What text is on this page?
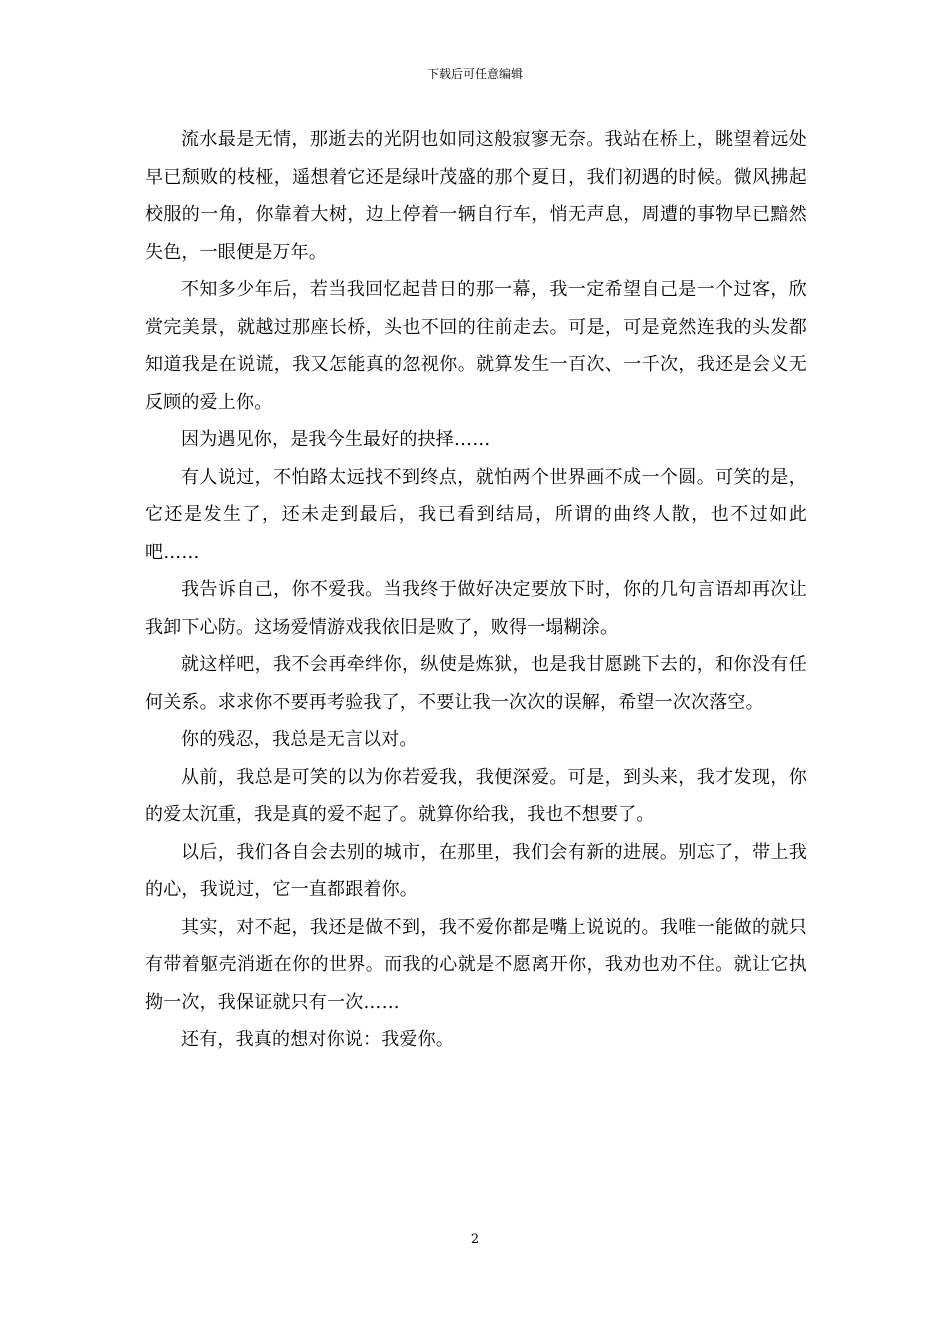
下载后可任意编辑

流水最是无情，那逝去的光阴也如同这般寂寥无奈。我站在桥上，眺望着远处早已颓败的枝桠，遥想着它还是绿叶茂盛的那个夏日，我们初遇的时候。微风拂起校服的一角，你靠着大树，边上停着一辆自行车，悄无声息，周遭的事物早已黯然失色，一眼便是万年。

不知多少年后，若当我回忆起昔日的那一幕，我一定希望自己是一个过客，欣赏完美景，就越过那座长桥，头也不回的往前走去。可是，可是竟然连我的头发都知道我是在说谎，我又怎能真的忽视你。就算发生一百次、一千次，我还是会义无反顾的爱上你。

因为遇见你，是我今生最好的抉择……

有人说过，不怕路太远找不到终点，就怕两个世界画不成一个圆。可笑的是，它还是发生了，还未走到最后，我已看到结局，所谓的曲终人散，也不过如此吧……

我告诉自己，你不爱我。当我终于做好决定要放下时，你的几句言语却再次让我卸下心防。这场爱情游戏我依旧是败了，败得一塌糊涂。

就这样吧，我不会再牵绊你，纵使是炼狱，也是我甘愿跳下去的，和你没有任何关系。求求你不要再考验我了，不要让我一次次的误解，希望一次次落空。

你的残忍，我总是无言以对。

从前，我总是可笑的以为你若爱我，我便深爱。可是，到头来，我才发现，你的爱太沉重，我是真的爱不起了。就算你给我，我也不想要了。

以后，我们各自会去别的城市，在那里，我们会有新的进展。别忘了，带上我的心，我说过，它一直都跟着你。

其实，对不起，我还是做不到，我不爱你都是嘴上说说的。我唯一能做的就只有带着躯壳消逝在你的世界。而我的心就是不愿离开你，我劝也劝不住。就让它执拗一次，我保证就只有一次……

还有，我真的想对你说：我爱你。

2
